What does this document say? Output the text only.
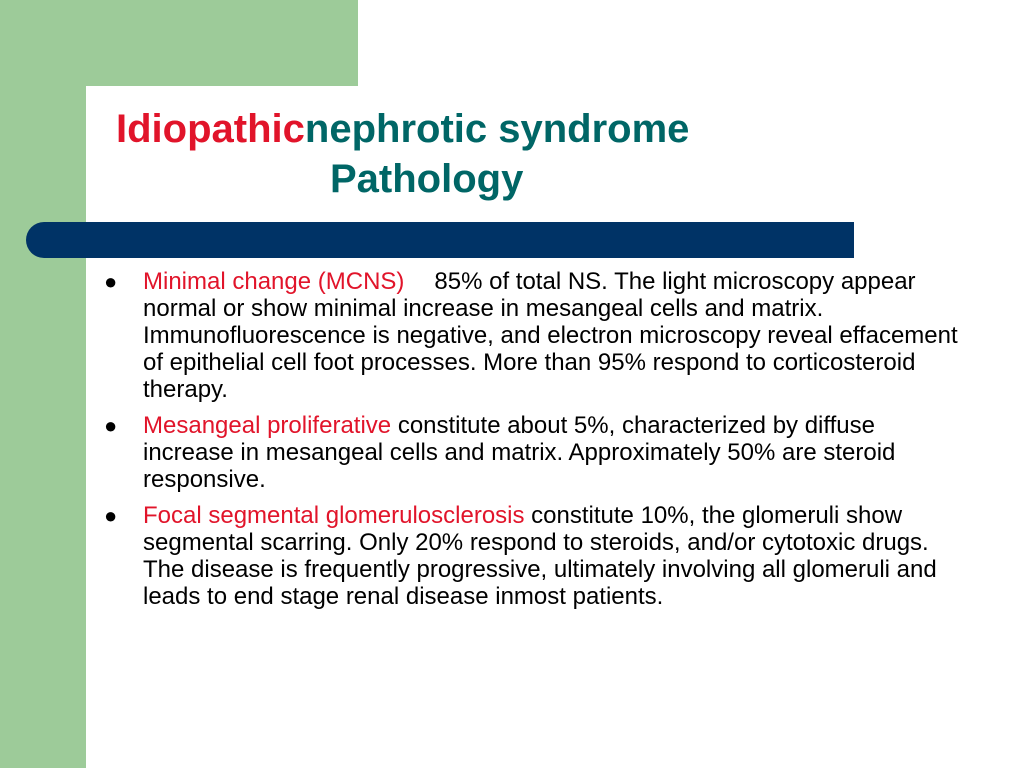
Idiopathicnephrotic syndrome
Pathology
● Minimal change (MCNS) 85% of total NS. The light microscopy appear normal or show minimal increase in mesangeal cells and matrix. Immunofluorescence is negative, and electron microscopy reveal effacement of epithelial cell foot processes. More than 95% respond to corticosteroid therapy.
● Mesangeal proliferative constitute about 5%, characterized by diffuse increase in mesangeal cells and matrix. Approximately 50% are steroid responsive.
● Focal segmental glomerulosclerosis constitute 10%, the glomeruli show segmental scarring. Only 20% respond to steroids, and/or cytotoxic drugs. The disease is frequently progressive, ultimately involving all glomeruli and leads to end stage renal disease inmost patients.
